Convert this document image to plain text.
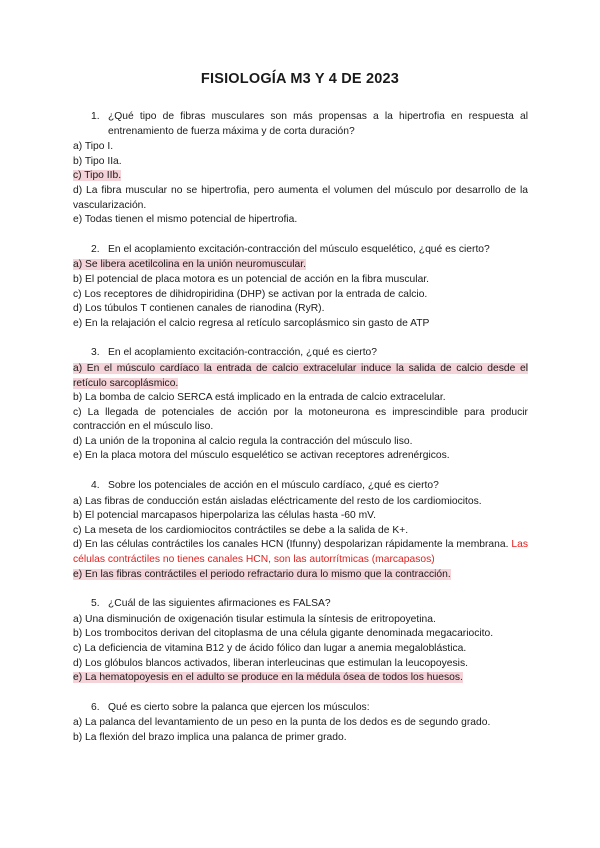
FISIOLOGÍA M3 Y 4 DE 2023
1. ¿Qué tipo de fibras musculares son más propensas a la hipertrofia en respuesta al entrenamiento de fuerza máxima y de corta duración?
a) Tipo I.
b) Tipo IIa.
c) Tipo IIb.
d) La fibra muscular no se hipertrofia, pero aumenta el volumen del músculo por desarrollo de la vascularización.
e) Todas tienen el mismo potencial de hipertrofia.
2. En el acoplamiento excitación-contracción del músculo esquelético, ¿qué es cierto?
a) Se libera acetilcolina en la unión neuromuscular.
b) El potencial de placa motora es un potencial de acción en la fibra muscular.
c) Los receptores de dihidropiridina (DHP) se activan por la entrada de calcio.
d) Los túbulos T contienen canales de rianodina (RyR).
e) En la relajación el calcio regresa al retículo sarcoplásmico sin gasto de ATP
3. En el acoplamiento excitación-contracción, ¿qué es cierto?
a) En el músculo cardíaco la entrada de calcio extracelular induce la salida de calcio desde el retículo sarcoplásmico.
b) La bomba de calcio SERCA está implicado en la entrada de calcio extracelular.
c) La llegada de potenciales de acción por la motoneurona es imprescindible para producir contracción en el músculo liso.
d) La unión de la troponina al calcio regula la contracción del músculo liso.
e) En la placa motora del músculo esquelético se activan receptores adrenérgicos.
4. Sobre los potenciales de acción en el músculo cardíaco, ¿qué es cierto?
a) Las fibras de conducción están aisladas eléctricamente del resto de los cardiomiocitos.
b) El potencial marcapasos hiperpolariza las células hasta -60 mV.
c) La meseta de los cardiomiocitos contráctiles se debe a la salida de K+.
d) En las células contráctiles los canales HCN (Ifunny) despolarizan rápidamente la membrana. Las células contráctiles no tienes canales HCN, son las autorrítmicas (marcapasos)
e) En las fibras contráctiles el periodo refractario dura lo mismo que la contracción.
5. ¿Cuál de las siguientes afirmaciones es FALSA?
a) Una disminución de oxigenación tisular estimula la síntesis de eritropoyetina.
b) Los trombocitos derivan del citoplasma de una célula gigante denominada megacariocito.
c) La deficiencia de vitamina B12 y de ácido fólico dan lugar a anemia megaloblástica.
d) Los glóbulos blancos activados, liberan interleucinas que estimulan la leucopoyesis.
e) La hematopoyesis en el adulto se produce en la médula ósea de todos los huesos.
6. Qué es cierto sobre la palanca que ejercen los músculos:
a) La palanca del levantamiento de un peso en la punta de los dedos es de segundo grado.
b) La flexión del brazo implica una palanca de primer grado.
